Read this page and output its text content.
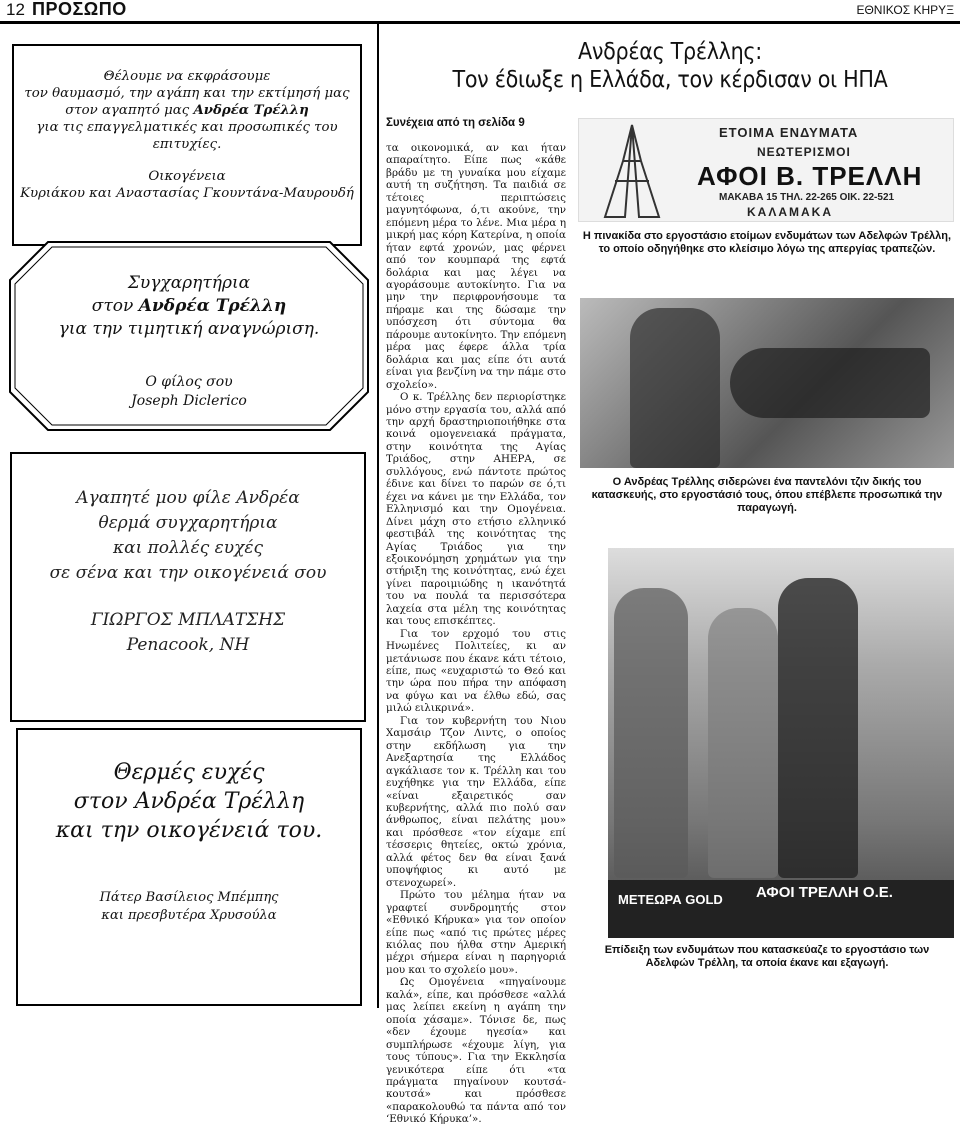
12 ΠΡΟΣΩΠΟ	ΕΘΝΙΚΟΣ ΚΗΡΥΞ

Θέλουμε να εκφράσουμε

τον θαυμασμό, την αγάπη και την εκτίμησή μας

στον αγαπητό μας Ανδρέα Τρέλλη

για τις επαγγελματικές και προσωπικές του

επιτυχίες.

Οικογένεια

Κυριάκου και Αναστασίας Γκουντάνα-Μαυρουδή

Συγχαρητήρια
στον Ανδρέα Τρέλλη
για την τιμητική αναγνώριση.
Ο φίλος σου
Joseph Diclerico
Αγαπητέ μου φίλε Ανδρέα
θερμά συγχαρητήρια
και πολλές ευχές
σε σένα και την οικογένειά σου
ΓΙΩΡΓΟΣ ΜΠΛΑΤΣΗΣ
Penacook, NH
Θερμές ευχές
στον Ανδρέα Τρέλλη
και την οικογένειά του.
Πάτερ Βασίλειος Μπέμπης
και πρεσβυτέρα Χρυσούλα
Ανδρέας Τρέλλης:
Τον έδιωξε η Ελλάδα, τον κέρδισαν οι ΗΠΑ
Συνέχεια από τη σελίδα 9

τα οικονομικά, αν και ήταν απαραίτητο. Είπε πως «κάθε βράδυ με τη γυναίκα μου είχαμε αυτή τη συζήτηση. Τα παιδιά σε τέτοιες περιπτώσεις μαγνητόφωνα, ό,τι ακούνε, την επόμενη μέρα το λένε. Μια μέρα η μικρή μας κόρη Κατερίνα, η οποία ήταν εφτά χρονών, μας φέρνει από τον κουμπαρά της εφτά δολάρια και μας λέγει να αγοράσουμε αυτοκίνητο. Για να μην την περιφρονήσουμε τα πήραμε και της δώσαμε την υπόσχεση ότι σύντομα θα πάρουμε αυτοκίνητο. Την επόμενη μέρα μας έφερε άλλα τρία δολάρια και μας είπε ότι αυτά είναι για βενζίνη να την πάμε στο σχολείο».

Ο κ. Τρέλλης δεν περιορίστηκε μόνο στην εργασία του, αλλά από την αρχή δραστηριοποιήθηκε στα κοινά ομογενειακά πράγματα, στην κοινότητα της Αγίας Τριάδος, στην ΑΗΕΡΑ, σε συλλόγους, ενώ πάντοτε πρώτος έδινε και δίνει το παρών σε ό,τι έχει να κάνει με την Ελλάδα, τον Ελληνισμό και την Ομογένεια. Δίνει μάχη στο ετήσιο ελληνικό φεστιβάλ της κοινότητας της Αγίας Τριάδος για την εξοικονόμηση χρημάτων για την στήριξη της κοινότητας, ενώ έχει γίνει παροιμιώδης η ικανότητά του να πουλά τα περισσότερα λαχεία στα μέλη της κοινότητας και τους επισκέπτες.

Για τον ερχομό του στις Ηνωμένες Πολιτείες, κι αν μετάνιωσε που έκανε κάτι τέτοιο, είπε, πως «ευχαριστώ το Θεό και την ώρα που πήρα την απόφαση να φύγω και να έλθω εδώ, σας μιλώ ειλικρινά».

Για τον κυβερνήτη του Νιου Χαμσάιρ Τζον Λιντς, ο οποίος στην εκδήλωση για την Ανεξαρτησία της Ελλάδος αγκάλιασε τον κ. Τρέλλη και του ευχήθηκε για την Ελλάδα, είπε «είναι εξαιρετικός σαν κυβερνήτης, αλλά πιο πολύ σαν άνθρωπος, είναι πελάτης μου» και πρόσθεσε «τον είχαμε επί τέσσερις θητείες, οκτώ χρόνια, αλλά φέτος δεν θα είναι ξανά υποψήφιος κι αυτό με στενοχωρεί».

Πρώτο του μέλημα ήταν να γραφτεί συνδρομητής στον «Εθνικό Κήρυκα» για τον οποίον είπε πως «από τις πρώτες μέρες κιόλας που ήλθα στην Αμερική μέχρι σήμερα είναι η παρηγοριά μου και το σχολείο μου».

Ως Ομογένεια «πηγαίνουμε καλά», είπε, και πρόσθεσε «αλλά μας λείπει εκείνη η αγάπη την οποία χάσαμε». Τόνισε δε, πως «δεν έχουμε ηγεσία» και συμπλήρωσε «έχουμε λίγη, για τους τύπους». Για την Εκκλησία γενικότερα είπε ότι «τα πράγματα πηγαίνουν κουτσά-κουτσά» και πρόσθεσε «παρακολουθώ τα πάντα από τον ‘Εθνικό Κήρυκα’».

ΕΤΟΙΜΑ ΕΝΔΥΜΑΤΑ
ΝΕΩΤΕΡΙΣΜΟΙ
ΑΦΟΙ Β. ΤΡΕΛΛΗ
ΜΑΚΑΒΑ 15 ΤΗΛ. 22-265 ΟΙΚ. 22-521
ΚΑΛΑΜΑΚΑ
Η πινακίδα στο εργοστάσιο ετοίμων ενδυμάτων των Αδελφών Τρέλλη, το οποίο οδηγήθηκε στο κλείσιμο λόγω της απεργίας τραπεζών.
Ο Ανδρέας Τρέλλης σιδερώνει ένα παντελόνι τζιν δικής του κατασκευής, στο εργοστάσιό τους, όπου επέβλεπε προσωπικά την παραγωγή.
ΜΕΤΕΩΡΑ GOLD ΑΦΟΙ ΤΡΕΛΛΗ Ο.Ε.
Επίδειξη των ενδυμάτων που κατασκεύαζε το εργοστάσιο των Αδελφών Τρέλλη, τα οποία έκανε και εξαγωγή.
